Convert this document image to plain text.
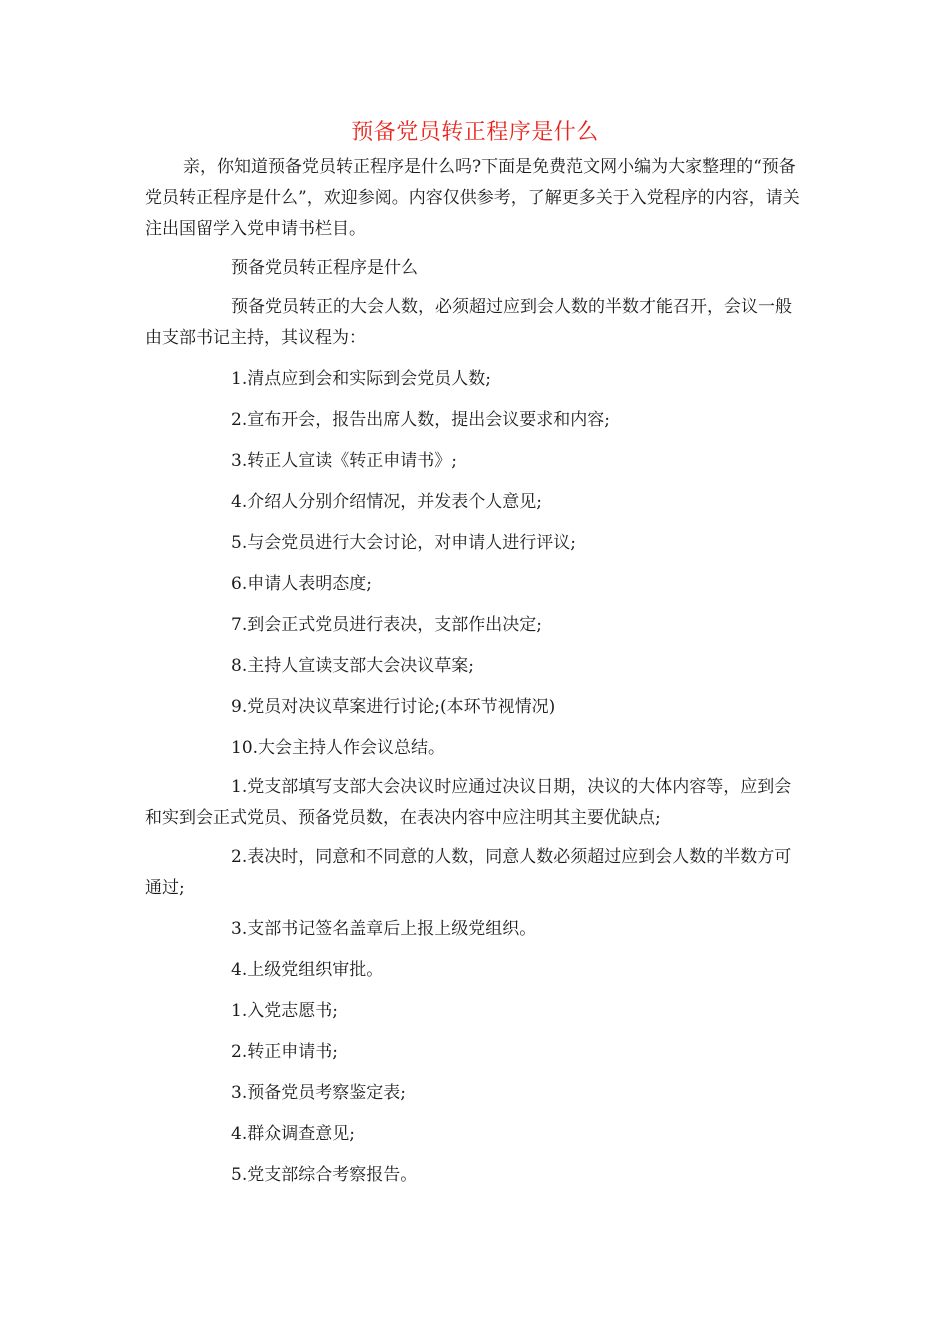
预备党员转正程序是什么

亲，你知道预备党员转正程序是什么吗?下面是免费范文网小编为大家整理的“预备党员转正程序是什么”，欢迎参阅。内容仅供参考，了解更多关于入党程序的内容，请关注出国留学入党申请书栏目。

预备党员转正程序是什么

预备党员转正的大会人数，必须超过应到会人数的半数才能召开，会议一般由支部书记主持，其议程为：

1.清点应到会和实际到会党员人数;

2.宣布开会，报告出席人数，提出会议要求和内容;

3.转正人宣读《转正申请书》;

4.介绍人分别介绍情况，并发表个人意见;

5.与会党员进行大会讨论，对申请人进行评议;

6.申请人表明态度;

7.到会正式党员进行表决，支部作出决定;

8.主持人宣读支部大会决议草案;

9.党员对决议草案进行讨论;(本环节视情况)

10.大会主持人作会议总结。

1.党支部填写支部大会决议时应通过决议日期，决议的大体内容等，应到会和实到会正式党员、预备党员数，在表决内容中应注明其主要优缺点;

2.表决时，同意和不同意的人数，同意人数必须超过应到会人数的半数方可通过;

3.支部书记签名盖章后上报上级党组织。

4.上级党组织审批。

1.入党志愿书;

2.转正申请书;

3.预备党员考察鉴定表;

4.群众调查意见;

5.党支部综合考察报告。
